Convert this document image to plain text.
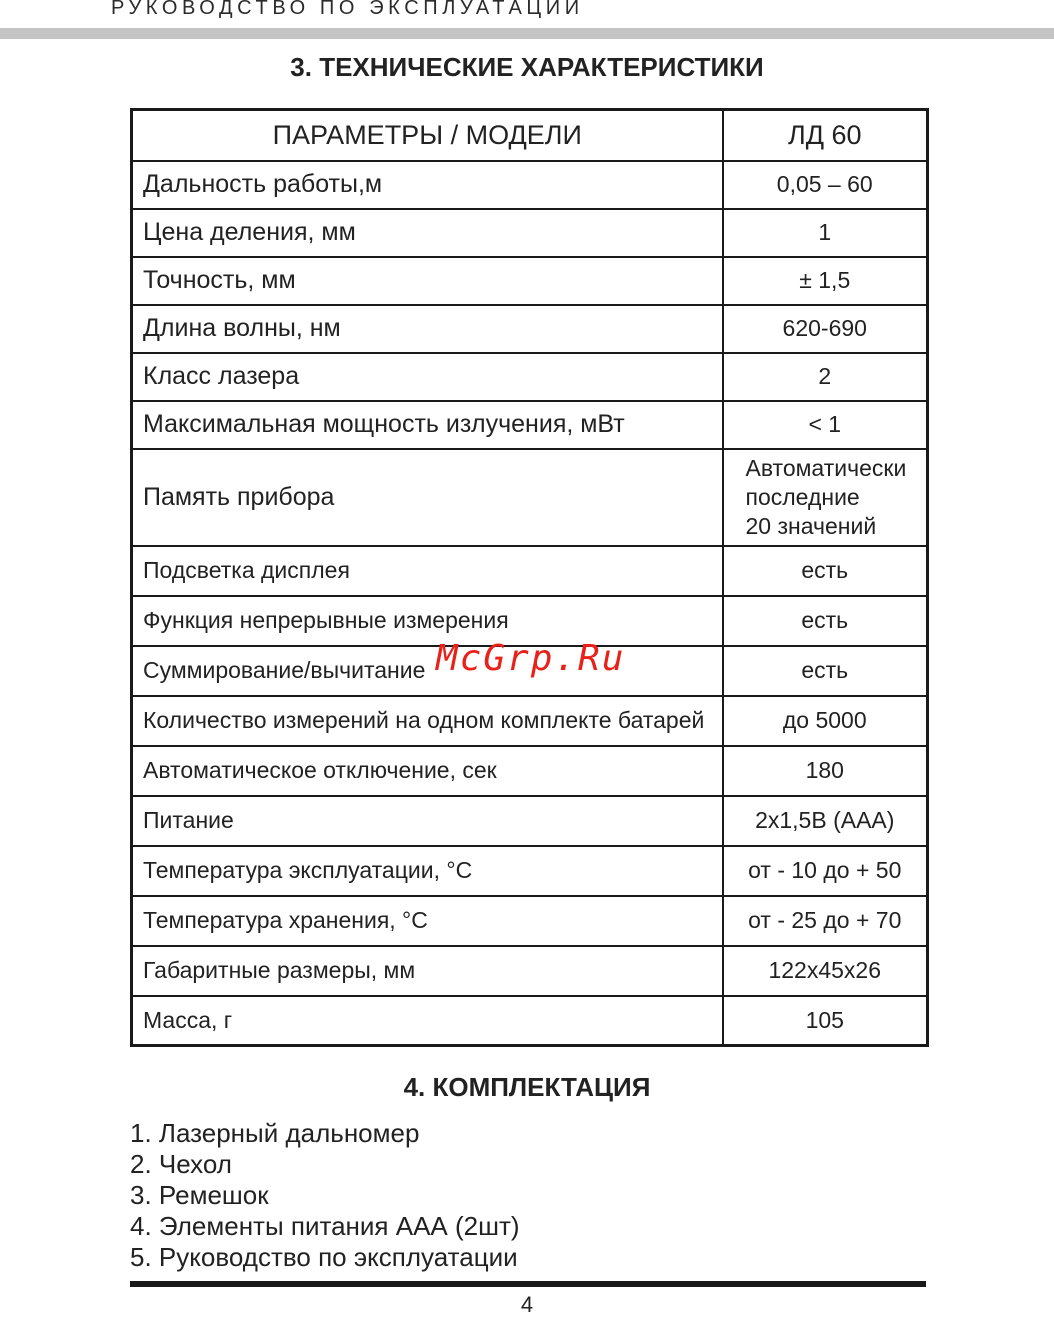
РУКОВОДСТВО ПО ЭКСПЛУАТАЦИИ
3. ТЕХНИЧЕСКИЕ ХАРАКТЕРИСТИКИ
ПАРАМЕТРЫ / МОДЕЛИ	ЛД 60
Дальность работы,м	0,05 – 60
Цена деления, мм	1
Точность, мм	± 1,5
Длина волны, нм	620-690
Класс лазера	2
Максимальная мощность излучения, мВт	< 1
Память прибора	Автоматически
последние
20 значений

Подсветка дисплея	есть
Функция непрерывные измерения	есть
Суммирование/вычитание	есть
Количество измерений на одном комплекте батарей	до 5000
Автоматическое отключение, сек	180
Питание	2x1,5В (ААА)
Температура эксплуатации, °С	от - 10 до + 50
Температура хранения, °С	от - 25 до + 70
Габаритные размеры, мм	122x45x26
Масса, г	105
McGrp.Ru
4. КОМПЛЕКТАЦИЯ
1. Лазерный дальномер
2. Чехол
3. Ремешок
4. Элементы питания ААА (2шт)
5. Руководство по эксплуатации
4
